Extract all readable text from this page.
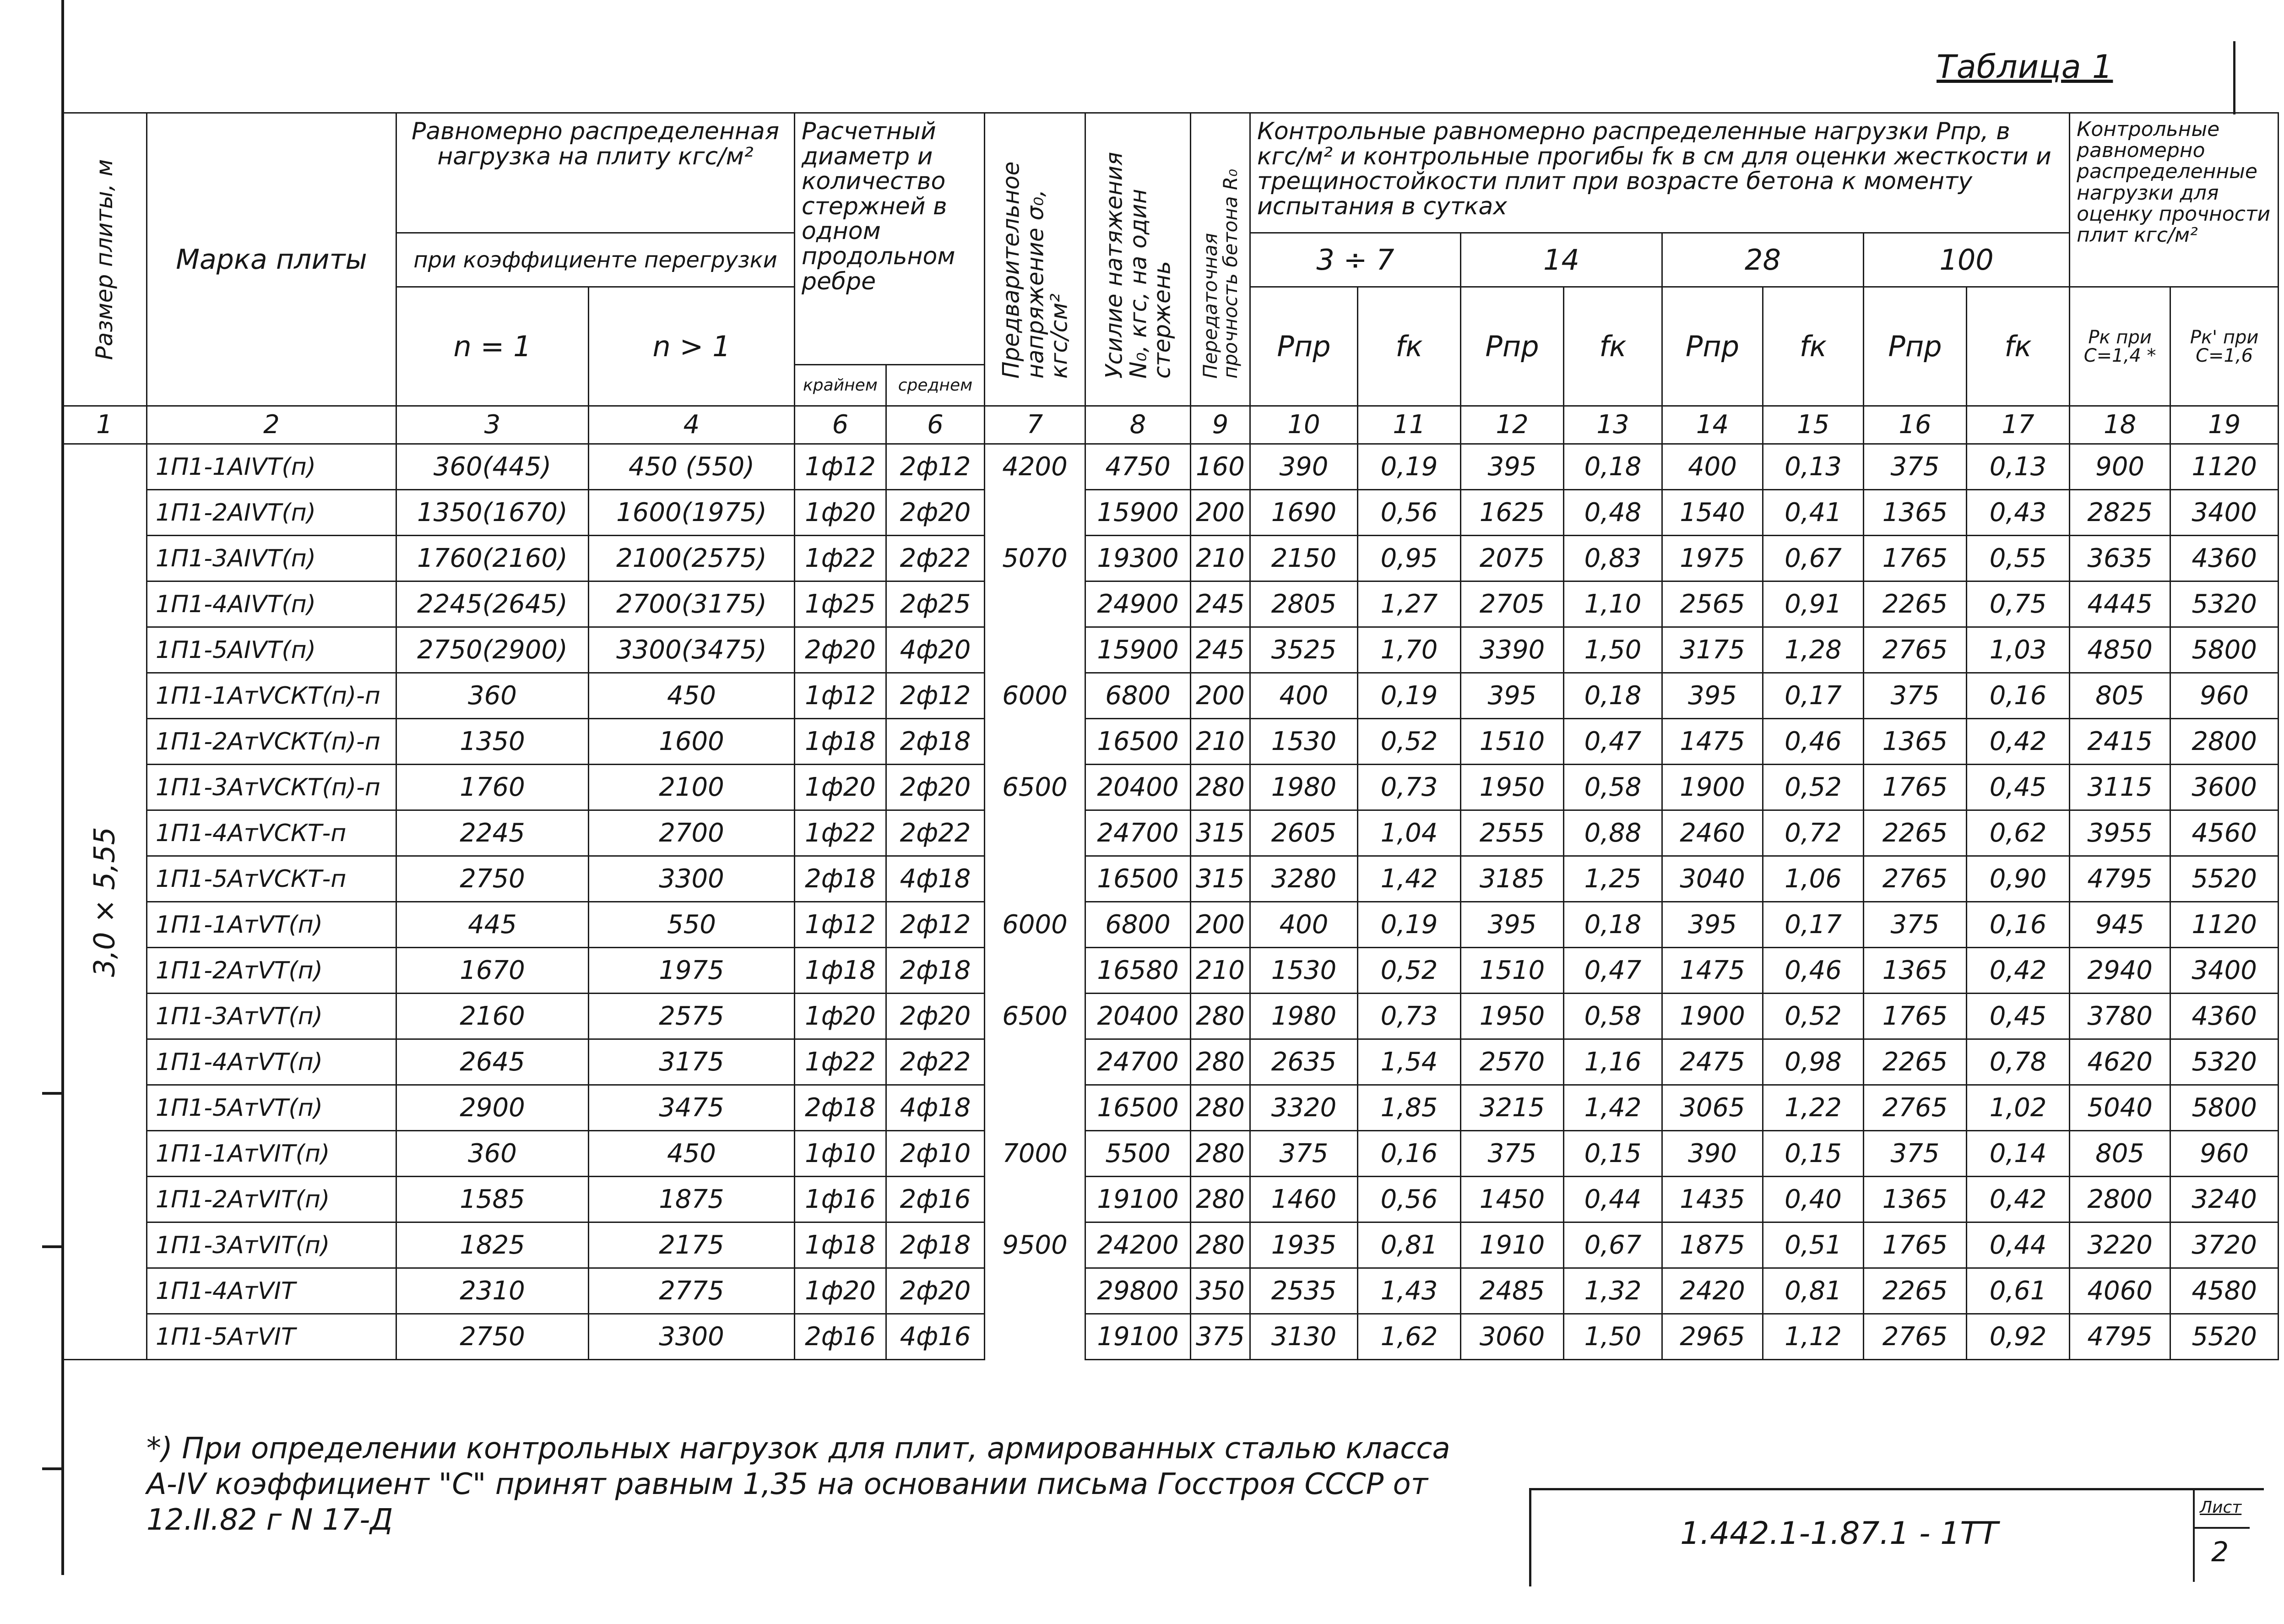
Таблица 1
Размер плиты, м	Марка плиты	Равномерно распределенная нагрузка на плиту кгс/м²		Расчетный диаметр и количество стержней в одном продольном ребре		Предварительное напряжение σ₀, кгс/см²	Усилие натяжения N₀, кгс, на один стержень	Передаточная прочность бетона R₀	Контрольные равномерно распределенные нагрузки Pпр, в кгс/м² и контрольные прогибы fк в см для оценки жесткости и трещиностойкости плит при возрасте бетона к моменту испытания в сутках								Контрольные равномерно распределенные нагрузки для оценку прочности плит кгс/м²	
		при коэффициенте перегрузки							3 ÷ 7		14		28		100			
		n = 1	n > 1						Pпр	fк	Pпр	fк	Pпр	fк	Pпр	fк	Pк при С=1,4 *	Pк' при С=1,6
				крайнем	среднем													
1	2	3	4	6	6	7	8	9	10	11	12	13	14	15	16	17	18	19

3,0 × 5,55	1П1-1АIVТ(п)	360(445)	450 (550)	1ф12	2ф12	4200	4750	160	390	0,19	395	0,18	400	0,13	375	0,13	900	1120
	1П1-2АIVТ(п)	1350(1670)	1600(1975)	1ф20	2ф20		15900	200	1690	0,56	1625	0,48	1540	0,41	1365	0,43	2825	3400
	1П1-3АIVТ(п)	1760(2160)	2100(2575)	1ф22	2ф22	5070	19300	210	2150	0,95	2075	0,83	1975	0,67	1765	0,55	3635	4360
	1П1-4АIVТ(п)	2245(2645)	2700(3175)	1ф25	2ф25		24900	245	2805	1,27	2705	1,10	2565	0,91	2265	0,75	4445	5320
	1П1-5АIVТ(п)	2750(2900)	3300(3475)	2ф20	4ф20		15900	245	3525	1,70	3390	1,50	3175	1,28	2765	1,03	4850	5800
	1П1-1АтVСКТ(п)-п	360	450	1ф12	2ф12	6000	6800	200	400	0,19	395	0,18	395	0,17	375	0,16	805	960
	1П1-2АтVСКТ(п)-п	1350	1600	1ф18	2ф18		16500	210	1530	0,52	1510	0,47	1475	0,46	1365	0,42	2415	2800
	1П1-3АтVСКТ(п)-п	1760	2100	1ф20	2ф20	6500	20400	280	1980	0,73	1950	0,58	1900	0,52	1765	0,45	3115	3600
	1П1-4АтVСКТ-п	2245	2700	1ф22	2ф22		24700	315	2605	1,04	2555	0,88	2460	0,72	2265	0,62	3955	4560
	1П1-5АтVСКТ-п	2750	3300	2ф18	4ф18		16500	315	3280	1,42	3185	1,25	3040	1,06	2765	0,90	4795	5520
	1П1-1АтVТ(п)	445	550	1ф12	2ф12	6000	6800	200	400	0,19	395	0,18	395	0,17	375	0,16	945	1120
	1П1-2АтVТ(п)	1670	1975	1ф18	2ф18		16580	210	1530	0,52	1510	0,47	1475	0,46	1365	0,42	2940	3400
	1П1-3АтVТ(п)	2160	2575	1ф20	2ф20	6500	20400	280	1980	0,73	1950	0,58	1900	0,52	1765	0,45	3780	4360
	1П1-4АтVТ(п)	2645	3175	1ф22	2ф22		24700	280	2635	1,54	2570	1,16	2475	0,98	2265	0,78	4620	5320
	1П1-5АтVТ(п)	2900	3475	2ф18	4ф18		16500	280	3320	1,85	3215	1,42	3065	1,22	2765	1,02	5040	5800
	1П1-1АтVIТ(п)	360	450	1ф10	2ф10	7000	5500	280	375	0,16	375	0,15	390	0,15	375	0,14	805	960
	1П1-2АтVIТ(п)	1585	1875	1ф16	2ф16		19100	280	1460	0,56	1450	0,44	1435	0,40	1365	0,42	2800	3240
	1П1-3АтVIТ(п)	1825	2175	1ф18	2ф18	9500	24200	280	1935	0,81	1910	0,67	1875	0,51	1765	0,44	3220	3720
	1П1-4АтVIТ	2310	2775	1ф20	2ф20		29800	350	2535	1,43	2485	1,32	2420	0,81	2265	0,61	4060	4580
	1П1-5АтVIТ	2750	3300	2ф16	4ф16		19100	375	3130	1,62	3060	1,50	2965	1,12	2765	0,92	4795	5520
*) При определении контрольных нагрузок для плит, армированных сталью класса А-IV коэффициент "С" принят равным 1,35 на основании письма Госстроя СССР от 12.II.82 г N 17-Д	1.442.1-1.87.1 - 1ТТ
Лист
2
